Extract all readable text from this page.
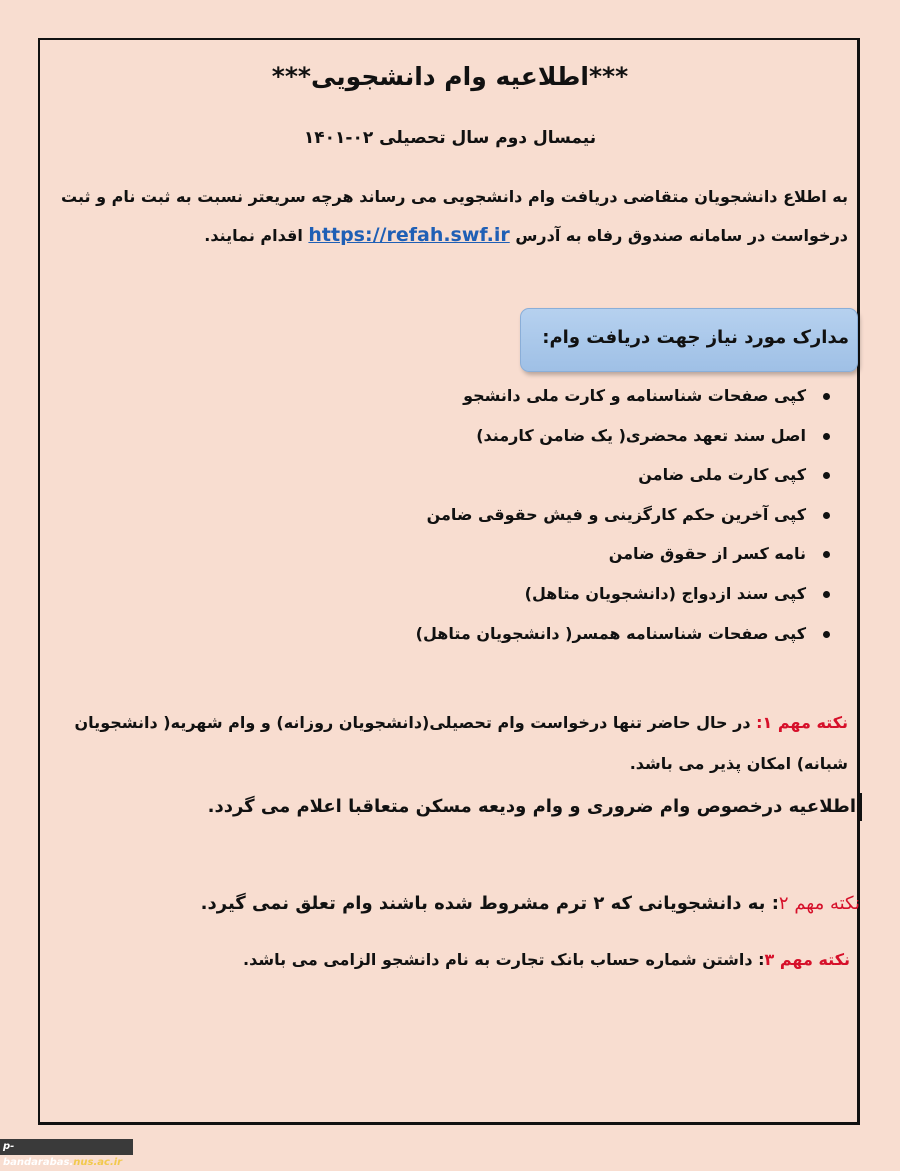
***اطلاعیه وام دانشجویی***
نیمسال دوم سال تحصیلی ۰۲-۱۴۰۱
به اطلاع دانشجویان متقاضی دریافت وام دانشجویی می رساند هرچه سریعتر نسبت به ثبت نام و ثبت درخواست در سامانه صندوق رفاه به آدرس https://refah.swf.ir اقدام نمایند.
مدارک مورد نیاز جهت دریافت وام:
کپی صفحات شناسنامه و کارت ملی دانشجو
اصل سند تعهد محضری( یک ضامن کارمند)
کپی کارت ملی ضامن
کپی آخرین حکم کارگزینی و فیش حقوقی ضامن
نامه کسر از حقوق ضامن
کپی سند ازدواج (دانشجویان متاهل)
کپی صفحات شناسنامه همسر( دانشجویان متاهل)
نکته مهم ۱: در حال حاضر تنها درخواست وام تحصیلی(دانشجویان روزانه) و وام شهریه( دانشجویان شبانه) امکان پذیر می باشد.
اطلاعیه درخصوص وام ضروری و وام ودیعه مسکن متعاقبا اعلام می گردد.
نکته مهم ۲: به دانشجویانی که ۲ ترم مشروط شده باشند وام تعلق نمی گیرد.
نکته مهم ۳: داشتن شماره حساب بانک تجارت به نام دانشجو الزامی می باشد.
p-bandarabas.nus.ac.ir
